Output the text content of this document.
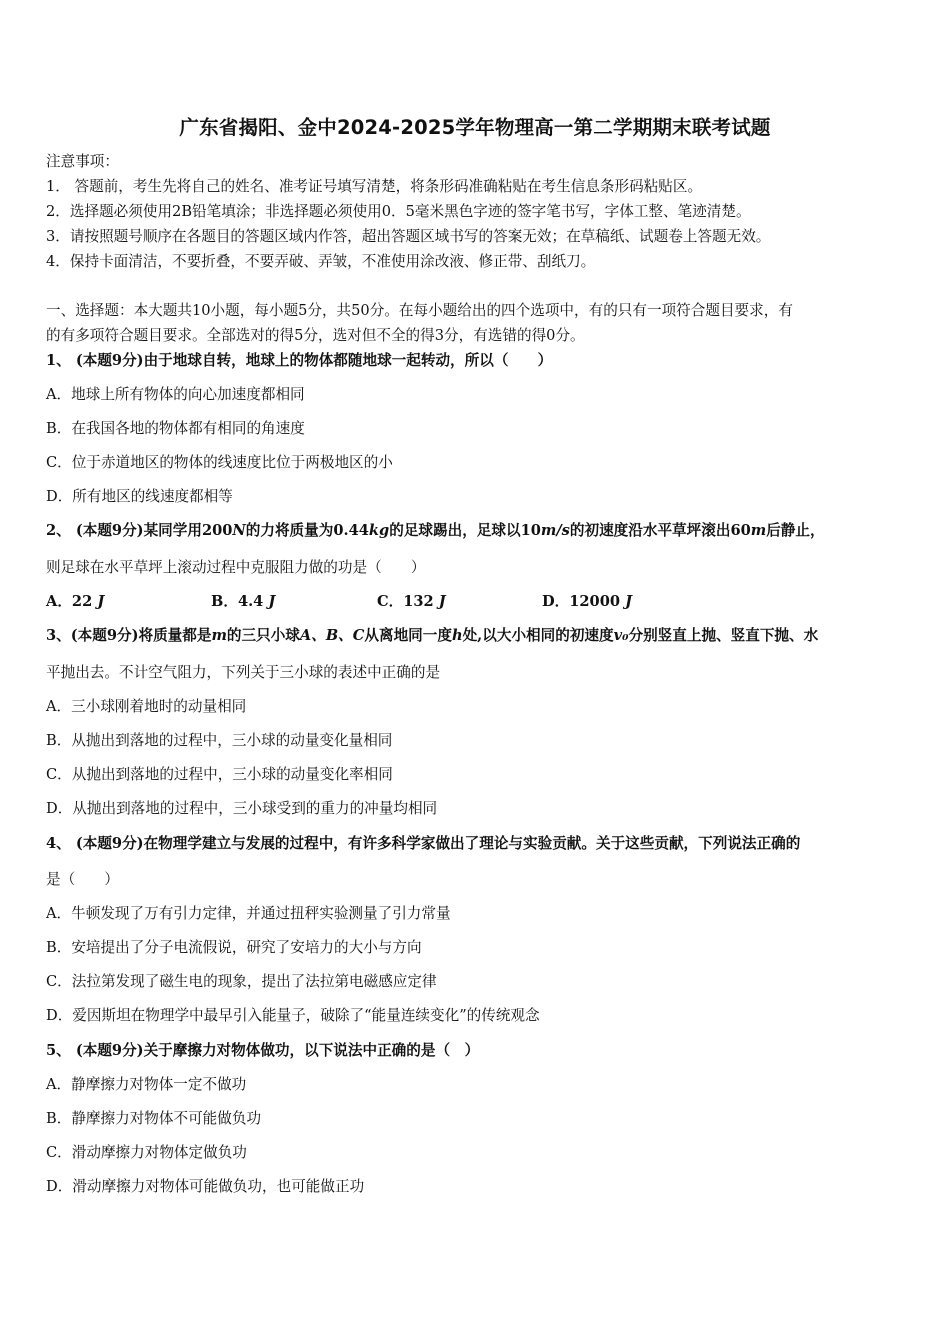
广东省揭阳、金中2024-2025学年物理高一第二学期期末联考试题
注意事项：
1． 答题前，考生先将自己的姓名、准考证号填写清楚，将条形码准确粘贴在考生信息条形码粘贴区。
2．选择题必须使用2B铅笔填涂；非选择题必须使用0．5毫米黑色字迹的签字笔书写，字体工整、笔迹清楚。
3．请按照题号顺序在各题目的答题区域内作答，超出答题区域书写的答案无效；在草稿纸、试题卷上答题无效。
4．保持卡面清洁，不要折叠，不要弄破、弄皱，不准使用涂改液、修正带、刮纸刀。
一、选择题：本大题共10小题，每小题5分，共50分。在每小题给出的四个选项中，有的只有一项符合题目要求，有
的有多项符合题目要求。全部选对的得5分，选对但不全的得3分，有选错的得0分。
1、 (本题9分)由于地球自转，地球上的物体都随地球一起转动，所以（　　）
A．地球上所有物体的向心加速度都相同
B．在我国各地的物体都有相同的角速度
C．位于赤道地区的物体的线速度比位于两极地区的小
D．所有地区的线速度都相等
2、 (本题9分)某同学用200N的力将质量为0.44kg的足球踢出，足球以10m/s的初速度沿水平草坪滚出60m后静止，
则足球在水平草坪上滚动过程中克服阻力做的功是（　　）
A．22 J	B．4.4 J	C．132 J	D．12000 J
3、(本题9分)将质量都是m的三只小球A、B、C从离地同一度h处,以大小相同的初速度v₀分别竖直上抛、竖直下抛、水
平抛出去。不计空气阻力，下列关于三小球的表述中正确的是
A．三小球刚着地时的动量相同
B．从抛出到落地的过程中，三小球的动量变化量相同
C．从抛出到落地的过程中，三小球的动量变化率相同
D．从抛出到落地的过程中，三小球受到的重力的冲量均相同
4、 (本题9分)在物理学建立与发展的过程中，有许多科学家做出了理论与实验贡献。关于这些贡献，下列说法正确的
是（　　）
A．牛顿发现了万有引力定律，并通过扭秤实验测量了引力常量
B．安培提出了分子电流假说，研究了安培力的大小与方向
C．法拉第发现了磁生电的现象，提出了法拉第电磁感应定律
D．爱因斯坦在物理学中最早引入能量子，破除了“能量连续变化”的传统观念
5、 (本题9分)关于摩擦力对物体做功，以下说法中正确的是（　）
A．静摩擦力对物体一定不做功
B．静摩擦力对物体不可能做负功
C．滑动摩擦力对物体定做负功
D．滑动摩擦力对物体可能做负功，也可能做正功
